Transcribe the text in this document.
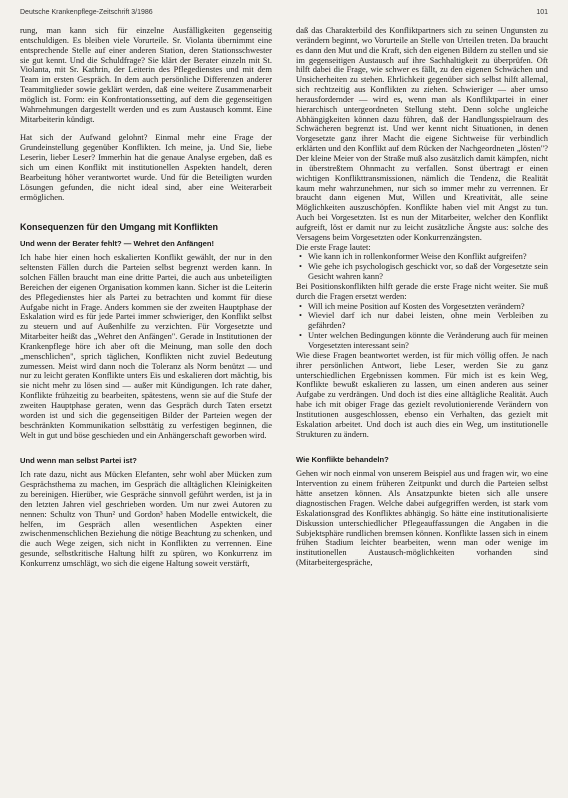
Deutsche Krankenpflege-Zeitschrift 3/1986	101

rung, man kann sich für einzelne Ausfälligkeiten gegenseitig entschuldigen. Es bleiben viele Vorurteile. Sr. Violanta übernimmt eine entsprechende Stelle auf einer anderen Station, deren Stationsschwester sie gut kennt. Und die Schuldfrage? Sie klärt der Berater einzeln mit St. Violanta, mit Sr. Kathrin, der Leiterin des Pflegedienstes und mit dem Team im ersten Gespräch. In dem auch persönliche Differenzen anderer Teammitglieder sowie geklärt werden, daß eine weitere Zusammenarbeit möglich ist. Form: ein Konfrontationssetting, auf dem die gegenseitigen Wahrnehmungen dargestellt werden und es zum Austausch kommt. Eine Mitarbeiterin kündigt.

Hat sich der Aufwand gelohnt? Einmal mehr eine Frage der Grundeinstellung gegenüber Konflikten. Ich meine, ja. Und Sie, liebe Leserin, lieber Leser? Immerhin hat die genaue Analyse ergeben, daß es sich um einen Konflikt mit institutionellen Aspekten handelt, deren Bearbeitung höher verantwortet wurde. Und für die Beteiligten wurden Lösungen gefunden, die nicht ideal sind, aber eine Weiterarbeit ermöglichen.

Konsequenzen für den Umgang mit Konflikten
Und wenn der Berater fehlt? — Wehret den Anfängen!

Ich habe hier einen hoch eskalierten Konflikt gewählt, der nur in den seltensten Fällen durch die Parteien selbst begrenzt werden kann. In solchen Fällen braucht man eine dritte Partei, die auch aus unbeteiligten Bereichen der eigenen Organisation kommen kann. Sicher ist die Leiterin des Pflegedienstes hier als Partei zu betrachten und kommt für diese Aufgabe nicht in Frage. Anders kommen sie der zweiten Hauptphase der Eskalation wird es für jede Partei immer schwieriger, den Konflikt selbst zu steuern und auf Außenhilfe zu verzichten. Für Vorgesetzte und Mitarbeiter heißt das „Wehret den Anfängen". Gerade in Institutionen der Krankenpflege höre ich aber oft die Meinung, man solle den doch „menschlichen", sprich täglichen, Konflikten nicht zuviel Bedeutung zumessen. Meist wird dann noch die Toleranz als Norm benützt — und nur zu leicht geraten Konflikte unters Eis und eskalieren dort mächtig, bis sie nicht mehr zu lösen sind — außer mit Kündigungen. Ich rate daher, Konflikte frühzeitig zu bearbeiten, spätestens, wenn sie auf die Stufe der zweiten Hauptphase geraten, wenn das Gespräch durch Taten ersetzt worden ist und sich die gegenseitigen Bilder der Parteien wegen der beschränkten Kommunikation selbsttätig zu verfestigen beginnen, die Welt in gut und böse geschieden und ein Anhängerschaft geworben wird.

Und wenn man selbst Partei ist?

Ich rate dazu, nicht aus Mücken Elefanten, sehr wohl aber Mücken zum Gesprächsthema zu machen, im Gespräch die alltäglichen Kleinigkeiten zu bereinigen. Hierüber, wie Gespräche sinnvoll geführt werden, ist ja in den letzten Jahren viel geschrieben worden. Um nur zwei Autoren zu nennen: Schultz von Thun² und Gordon³ haben Modelle entwickelt, die helfen, im Gespräch allen wesentlichen Aspekten einer zwischenmenschlichen Beziehung die nötige Beachtung zu schenken, und die auch Wege zeigen, sich nicht in Konflikten zu verrennen. Eine gesunde, selbstkritische Haltung hilft zu spüren, wo Konkurrenz im Konkurrenz umschlägt, wo sich die eigene Haltung soweit verstärft,

daß das Charakterbild des Konfliktpartners sich zu seinen Ungunsten zu verändern beginnt, wo Vorurteile an Stelle von Urteilen treten. Da braucht es dann den Mut und die Kraft, sich den eigenen Bildern zu stellen und sie im gegenseitigen Austausch auf ihre Sachhaltigkeit zu überprüfen. Oft hilft dabei die Frage, wie schwer es fällt, zu den eigenen Schwächen und Unsicherheiten zu stehen. Ehrlichkeit gegenüber sich selbst hilft allemal, sich rechtzeitig aus Konflikten zu ziehen. Schwieriger — aber umso herausfordernder — wird es, wenn man als Konfliktpartei in einer hierarchisch untergeordneten Stellung steht. Denn solche ungleiche Abhängigkeiten können dazu führen, daß der Handlungsspielraum des Schwächeren begrenzt ist. Und wer kennt nicht Situationen, in denen Vorgesetzte ganz ihrer Macht die eigene Sichtweise für verbindlich erklärten und den Konflikt auf dem Rücken der Nachgeordneten „lösten"? Der kleine Meier von der Straße muß also zusätzlich damit kämpfen, nicht in überstreßtem Ohnmacht zu verfallen. Sonst übertragt er einen wichtigen Konflikttransmissionen, nämlich die Tendenz, die Realität kaum mehr wahrzunehmen, nur sich so immer mehr zu verrennen. Er braucht dann eigenen Mut, Willen und Kreativität, alle seine Möglichkeiten auszuschöpfen. Konflikte haben viel mit Angst zu tun. Auch bei Vorgesetzten. Ist es nun der Mitarbeiter, welcher den Konflikt aufgreift, löst er damit nur zu leicht zusätzliche Ängste aus: solche des Versagens beim Vorgesetzten oder Konkurrenzängsten.

Die erste Frage lautet:

• Wie kann ich in rollenkonformer Weise den Konflikt aufgreifen?
• Wie gehe ich psychologisch geschickt vor, so daß der Vorgesetzte sein Gesicht wahren kann?

Bei Positionskonflikten hilft gerade die erste Frage nicht weiter. Sie muß durch die Fragen ersetzt werden:

• Will ich meine Position auf Kosten des Vorgesetzten verändern?
• Wieviel darf ich nur dabei leisten, ohne mein Verbleiben zu gefährden?
• Unter welchen Bedingungen könnte die Veränderung auch für meinen Vorgesetzten interessant sein?

Wie diese Fragen beantwortet werden, ist für mich völlig offen. Je nach ihrer persönlichen Antwort, liebe Leser, werden Sie zu ganz unterschiedlichen Ergebnissen kommen. Für mich ist es kein Weg, Konflikte bewußt eskalieren zu lassen, um einen anderen aus seiner Aufgabe zu verdrängen. Und doch ist dies eine alltägliche Realität. Auch habe ich mit obiger Frage das gezielt revolutionierende Verändern von Institutionen ausgeschlossen, ebenso ein Verhalten, das gezielt mit Eskalation arbeitet. Und doch ist auch dies ein Weg, um institutionelle Strukturen zu ändern.

Wie Konflikte behandeln?

Gehen wir noch einmal von unserem Beispiel aus und fragen wir, wo eine Intervention zu einem früheren Zeitpunkt und durch die Parteien selbst hätte ansetzen können. Als Ansatzpunkte bieten sich alle unsere diagnostischen Fragen. Welche dabei aufgegriffen werden, ist stark vom Eskalationsgrad des Konfliktes abhängig. So hätte eine institutionalisierte Diskussion unterschiedlicher Pflegeauffassungen die Angaben in die Subjektsphäre rundlichen bremsen können. Konflikte lassen sich in einem frühen Stadium leichter bearbeiten, wenn man oder wenige im institutionellen Austausch-möglichkeiten vorhanden sind (Mitarbeitergespräche,
